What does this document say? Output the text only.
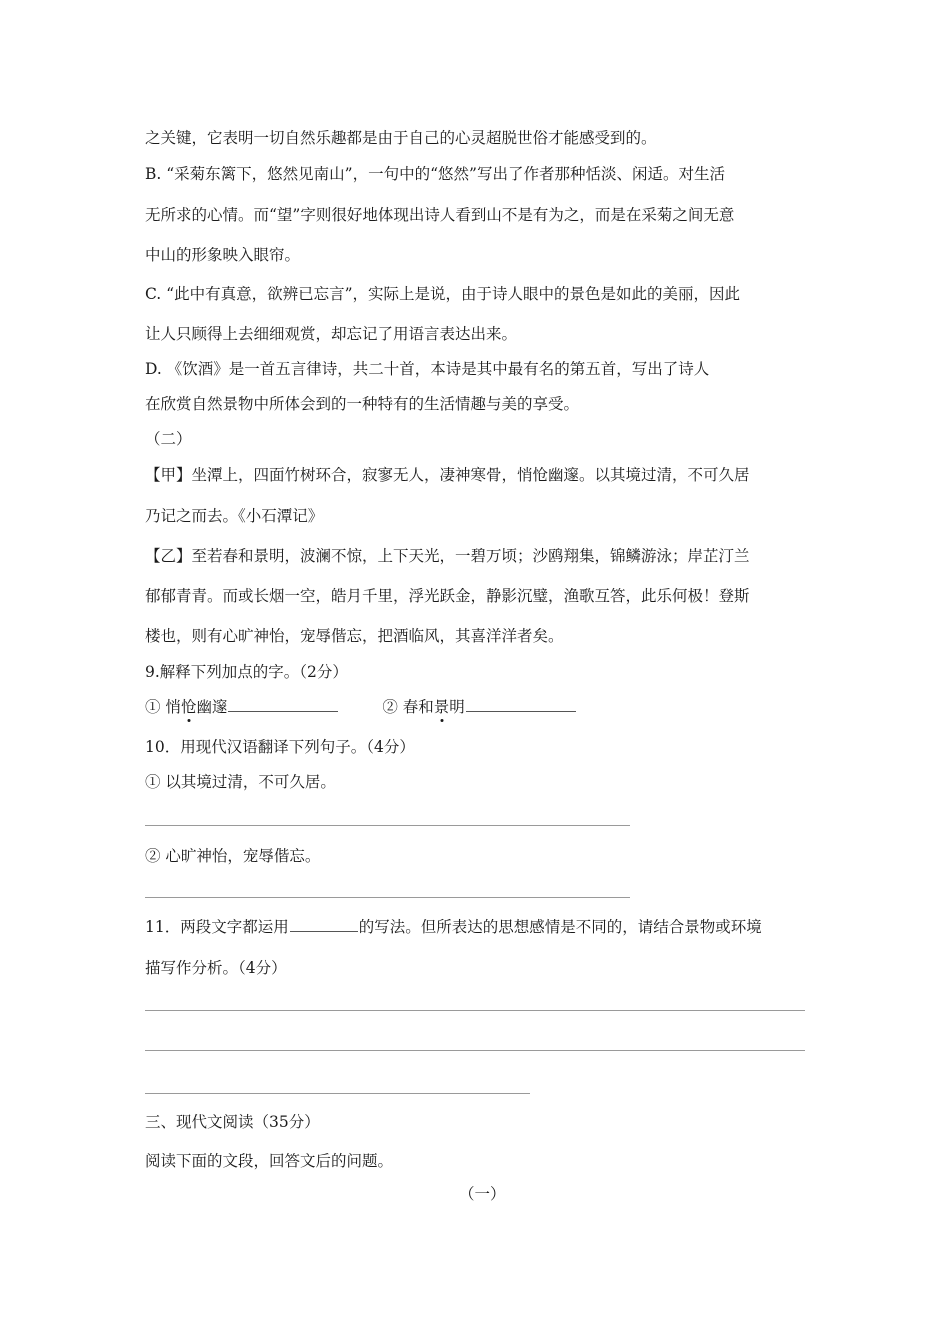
之关键，它表明一切自然乐趣都是由于自己的心灵超脱世俗才能感受到的。
B. “采菊东篱下，悠然见南山”，一句中的“悠然”写出了作者那种恬淡、闲适。对生活
无所求的心情。而“望”字则很好地体现出诗人看到山不是有为之，而是在采菊之间无意
中山的形象映入眼帘。
C. “此中有真意，欲辨已忘言”，实际上是说，由于诗人眼中的景色是如此的美丽，因此
让人只顾得上去细细观赏，却忘记了用语言表达出来。
D. 《饮酒》是一首五言律诗，共二十首，本诗是其中最有名的第五首，写出了诗人
在欣赏自然景物中所体会到的一种特有的生活情趣与美的享受。
（二）
【甲】坐潭上，四面竹树环合，寂寥无人，凄神寒骨，悄怆幽邃。以其境过清，不可久居
乃记之而去。《小石潭记》
【乙】至若春和景明，波澜不惊，上下天光，一碧万顷；沙鸥翔集，锦鳞游泳；岸芷汀兰
郁郁青青。而或长烟一空，皓月千里，浮光跃金，静影沉璧，渔歌互答，此乐何极！登斯
楼也，则有心旷神怡，宠辱偕忘，把酒临风，其喜洋洋者矣。
9.解释下列加点的字。（2分）
① 悄怆幽邃	② 春和景明
10．用现代汉语翻译下列句子。（4分）
① 以其境过清，不可久居。
② 心旷神怡，宠辱偕忘。
11．两段文字都运用	的写法。但所表达的思想感情是不同的，请结合景物或环境
描写作分析。（4分）
三、现代文阅读（35分）
阅读下面的文段，回答文后的问题。
（一）
